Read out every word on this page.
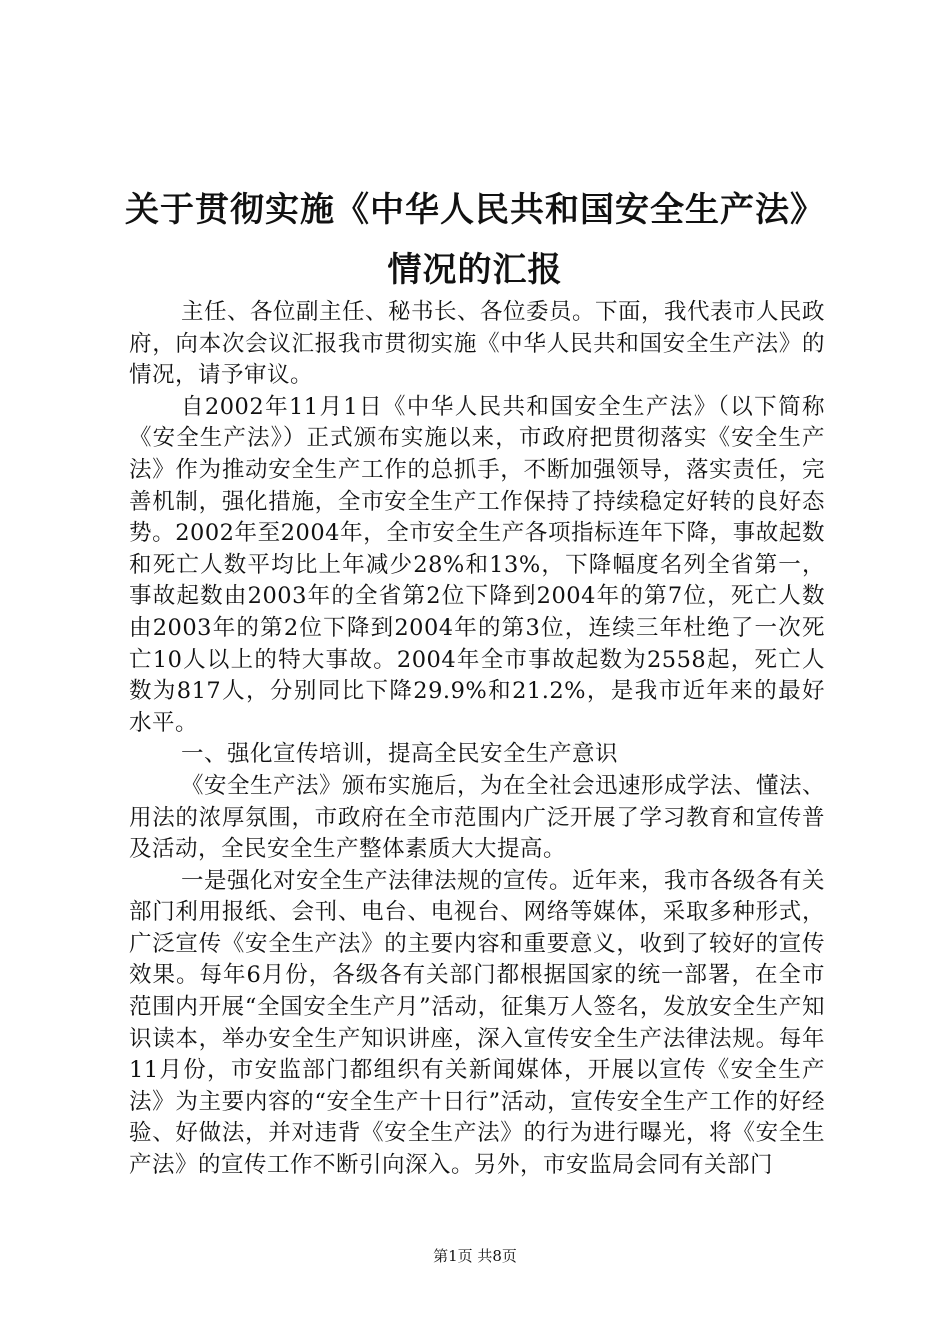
关于贯彻实施《中华人民共和国安全生产法》
情况的汇报

主任、各位副主任、秘书长、各位委员。下面，我代表市人民政府，向本次会议汇报我市贯彻实施《中华人民共和国安全生产法》的情况，请予审议。

自2002年11月1日《中华人民共和国安全生产法》（以下简称《安全生产法》）正式颁布实施以来，市政府把贯彻落实《安全生产法》作为推动安全生产工作的总抓手，不断加强领导，落实责任，完善机制，强化措施，全市安全生产工作保持了持续稳定好转的良好态势。2002年至2004年，全市安全生产各项指标连年下降，事故起数和死亡人数平均比上年减少28%和13%，下降幅度名列全省第一，事故起数由2003年的全省第2位下降到2004年的第7位，死亡人数由2003年的第2位下降到2004年的第3位，连续三年杜绝了一次死亡10人以上的特大事故。2004年全市事故起数为2558起，死亡人数为817人，分别同比下降29.9%和21.2%，是我市近年来的最好水平。

一、强化宣传培训，提高全民安全生产意识

《安全生产法》颁布实施后，为在全社会迅速形成学法、懂法、用法的浓厚氛围，市政府在全市范围内广泛开展了学习教育和宣传普及活动，全民安全生产整体素质大大提高。

一是强化对安全生产法律法规的宣传。近年来，我市各级各有关部门利用报纸、会刊、电台、电视台、网络等媒体，采取多种形式，广泛宣传《安全生产法》的主要内容和重要意义，收到了较好的宣传效果。每年6月份，各级各有关部门都根据国家的统一部署，在全市范围内开展“全国安全生产月”活动，征集万人签名，发放安全生产知识读本，举办安全生产知识讲座，深入宣传安全生产法律法规。每年11月份，市安监部门都组织有关新闻媒体，开展以宣传《安全生产法》为主要内容的“安全生产十日行”活动，宣传安全生产工作的好经验、好做法，并对违背《安全生产法》的行为进行曝光，将《安全生产法》的宣传工作不断引向深入。另外，市安监局会同有关部门

第1页 共8页
